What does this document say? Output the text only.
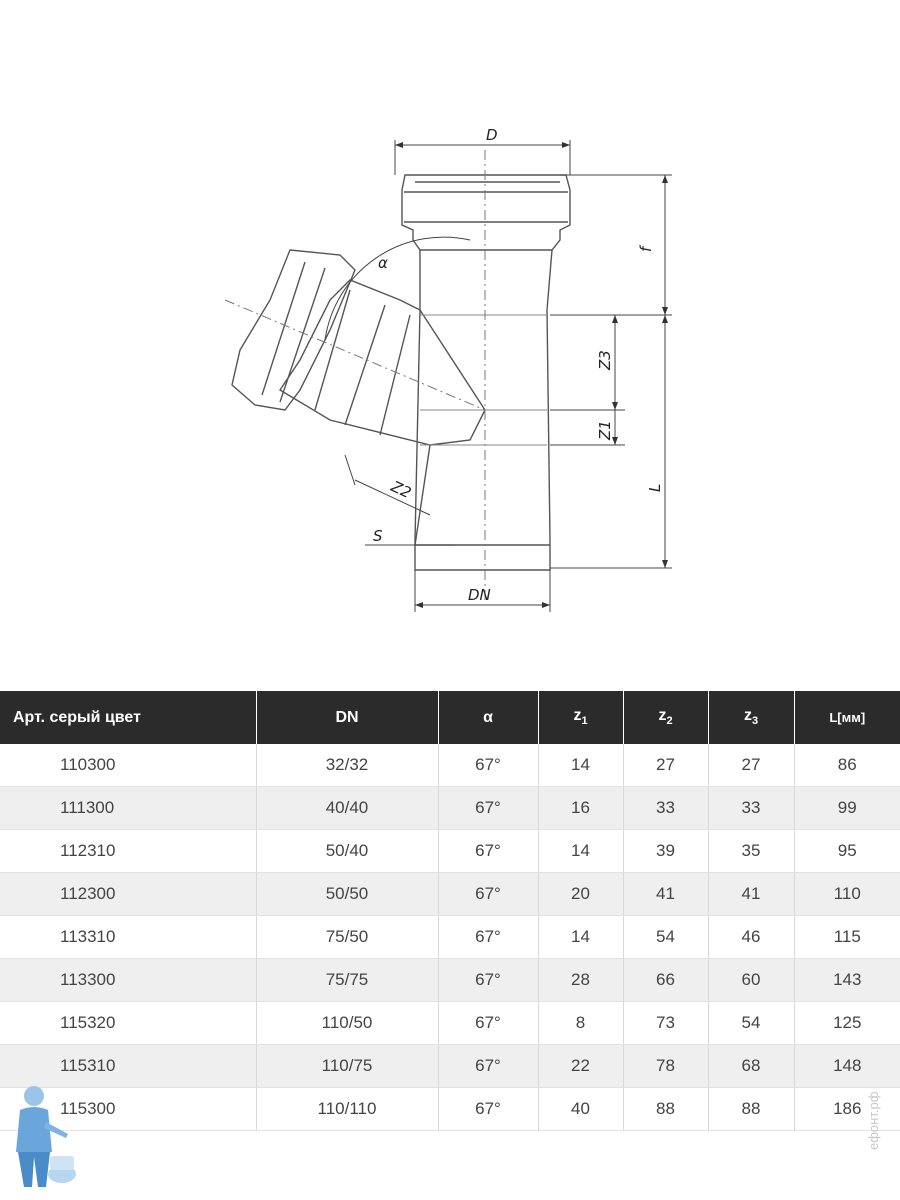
D
α
f
Z3
Z1
Z2	L
S
DN
Арт. серый цвет	DN	α	$z_1$	$z_2$	$z_3$	L[мм]
110300	32/32	67°	14	27	27	86
111300	40/40	67°	16	33	33	99
112310	50/40	67°	14	39	35	95
112300	50/50	67°	20	41	41	110
113310	75/50	67°	14	54	46	115
113300	75/75	67°	28	66	60	143
115320	110/50	67°	8	73	54	125
115310	110/75	67°	22	78	68	148
115300	110/110	67°	40	88	88	186 ефонт.рф
